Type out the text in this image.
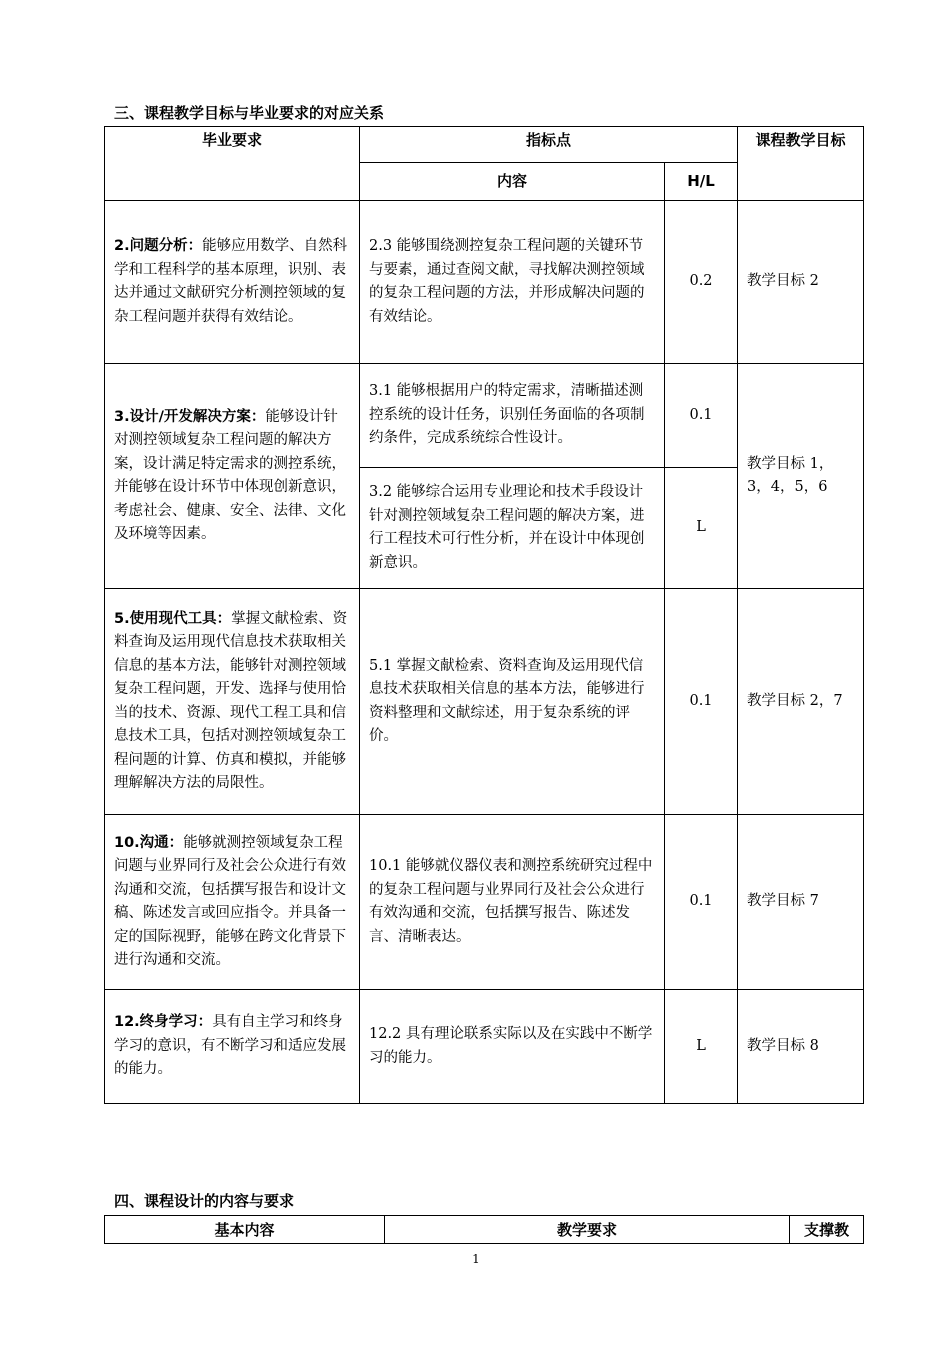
三、课程教学目标与毕业要求的对应关系
毕业要求	指标点		课程教学目标
	内容	H/L	
2.问题分析：能够应用数学、自然科学和工程科学的基本原理，识别、表达并通过文献研究分析测控领域的复杂工程问题并获得有效结论。	2.3 能够围绕测控复杂工程问题的关键环节与要素，通过查阅文献，寻找解决测控领域的复杂工程问题的方法，并形成解决问题的有效结论。	0.2	教学目标 2
3.设计/开发解决方案：能够设计针对测控领域复杂工程问题的解决方案，设计满足特定需求的测控系统，并能够在设计环节中体现创新意识，考虑社会、健康、安全、法律、文化及环境等因素。	3.1 能够根据用户的特定需求，清晰描述测控系统的设计任务，识别任务面临的各项制约条件，完成系统综合性设计。	0.1	教学目标 1，3，4，5，6
	3.2 能够综合运用专业理论和技术手段设计针对测控领域复杂工程问题的解决方案，进行工程技术可行性分析，并在设计中体现创新意识。	L	
5.使用现代工具：掌握文献检索、资料查询及运用现代信息技术获取相关信息的基本方法，能够针对测控领域复杂工程问题，开发、选择与使用恰当的技术、资源、现代工程工具和信息技术工具，包括对测控领域复杂工程问题的计算、仿真和模拟，并能够理解解决方法的局限性。	5.1 掌握文献检索、资料查询及运用现代信息技术获取相关信息的基本方法，能够进行资料整理和文献综述，用于复杂系统的评价。	0.1	教学目标 2，7
10.沟通：能够就测控领域复杂工程问题与业界同行及社会公众进行有效沟通和交流，包括撰写报告和设计文稿、陈述发言或回应指令。并具备一定的国际视野，能够在跨文化背景下进行沟通和交流。	10.1 能够就仪器仪表和测控系统研究过程中的复杂工程问题与业界同行及社会公众进行有效沟通和交流，包括撰写报告、陈述发言、清晰表达。	0.1	教学目标 7
12.终身学习：具有自主学习和终身学习的意识，有不断学习和适应发展的能力。	12.2 具有理论联系实际以及在实践中不断学习的能力。	L	教学目标 8
四、课程设计的内容与要求
基本内容	教学要求	支撑教
1
